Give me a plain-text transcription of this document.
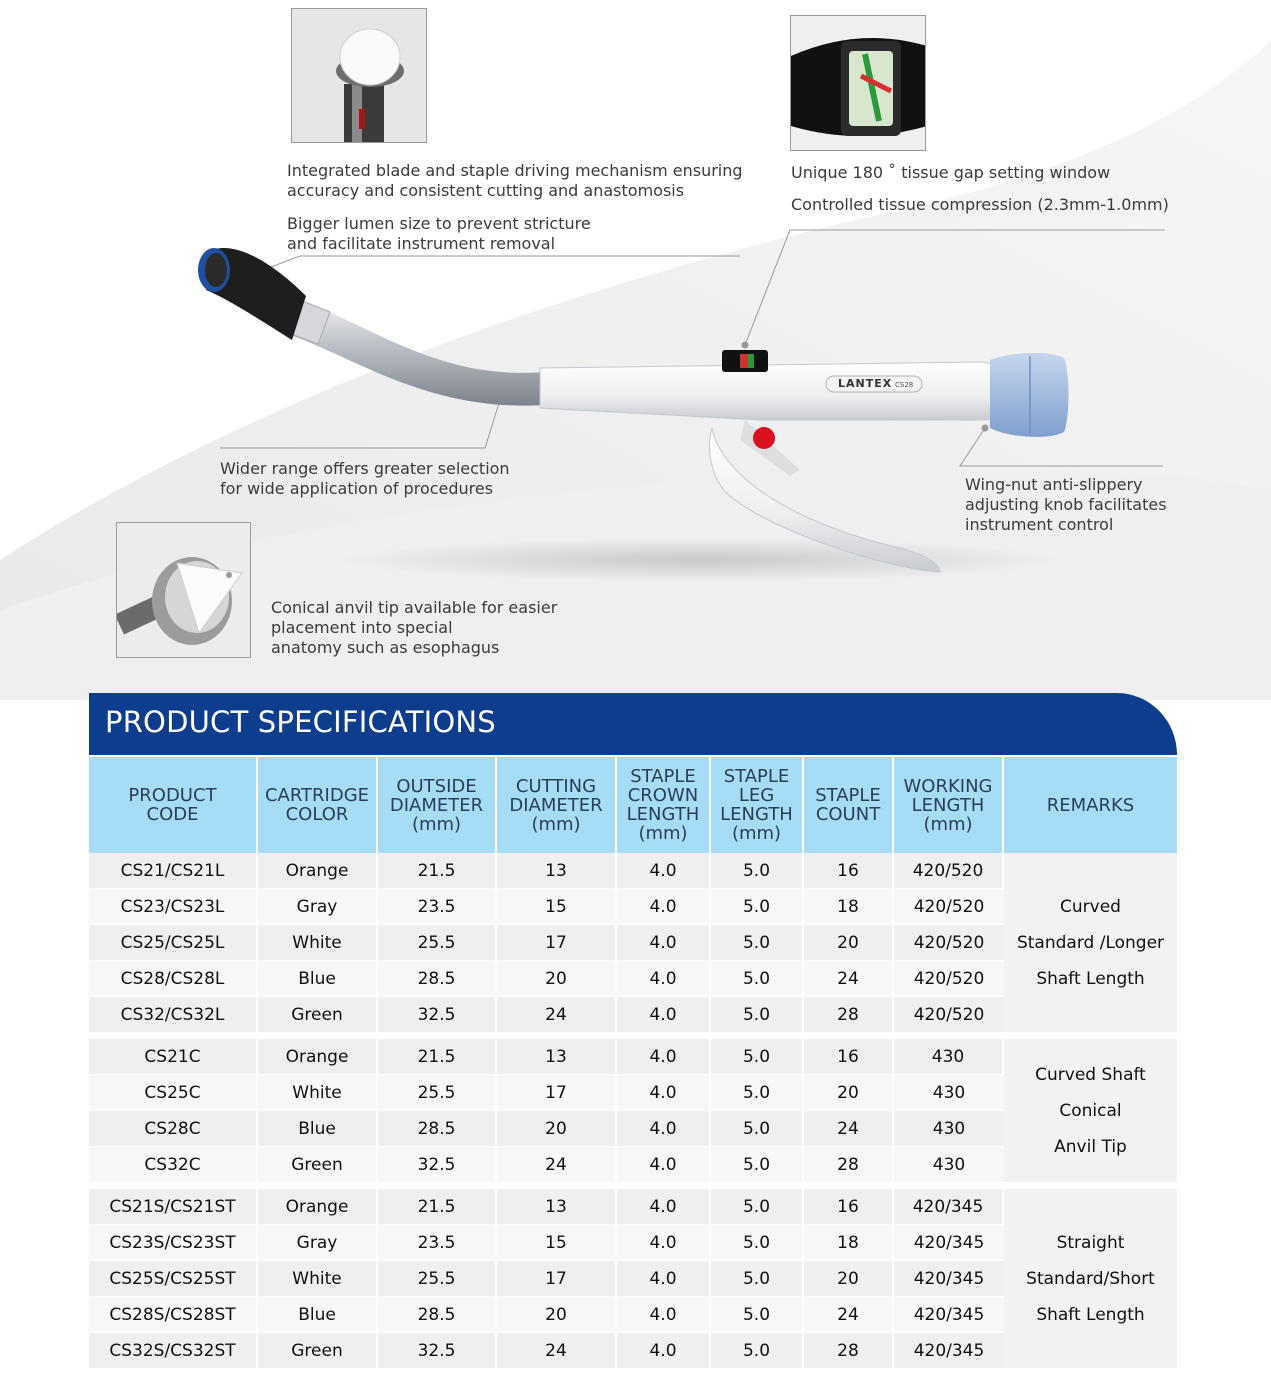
LANTEX CS28
Integrated blade and staple driving mechanism ensuring
accuracy and consistent cutting and anastomosis
Bigger lumen size to prevent stricture
and facilitate instrument removal
Unique 180 ˚ tissue gap setting window
Controlled tissue compression (2.3mm-1.0mm)
Wider range offers greater selection
for wide application of procedures	Wing-nut anti-slippery
adjusting knob facilitates
instrument control
Conical anvil tip available for easier
placement into special
anatomy such as esophagus
PRODUCT SPECIFICATIONS
PRODUCT
CODE	CARTRIDGE
COLOR	OUTSIDE
DIAMETER
(mm)	CUTTING
DIAMETER
(mm)	STAPLE
CROWN
LENGTH
(mm)	STAPLE
LEG
LENGTH
(mm)	STAPLE
COUNT	WORKING
LENGTH
(mm)	REMARKS

CS21/CS21L	Orange	21.5	13	4.0	5.0	16	420/520	Curved
Standard /Longer
Shaft Length

CS23/CS23L	Gray	23.5	15	4.0	5.0	18	420/520	
CS25/CS25L	White	25.5	17	4.0	5.0	20	420/520	
CS28/CS28L	Blue	28.5	20	4.0	5.0	24	420/520	
CS32/CS32L	Green	32.5	24	4.0	5.0	28	420/520	

CS21C	Orange	21.5	13	4.0	5.0	16	430	Curved Shaft
Conical
Anvil Tip

CS25C	White	25.5	17	4.0	5.0	20	430	
CS28C	Blue	28.5	20	4.0	5.0	24	430	
CS32C	Green	32.5	24	4.0	5.0	28	430	

CS21S/CS21ST	Orange	21.5	13	4.0	5.0	16	420/345	Straight
Standard/Short
Shaft Length

CS23S/CS23ST	Gray	23.5	15	4.0	5.0	18	420/345	
CS25S/CS25ST	White	25.5	17	4.0	5.0	20	420/345	
CS28S/CS28ST	Blue	28.5	20	4.0	5.0	24	420/345	
CS32S/CS32ST	Green	32.5	24	4.0	5.0	28	420/345	
